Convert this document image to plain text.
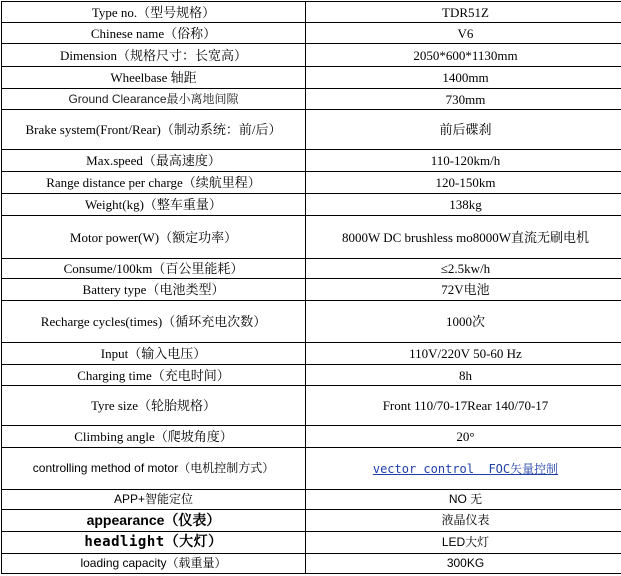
Type no.（型号规格）	TDR51Z
Chinese name（俗称）	V6
Dimension（规格尺寸：长宽高）	2050*600*1130mm
Wheelbase 轴距	1400mm
Ground Clearance最小离地间隙	730mm
Brake system(Front/Rear)（制动系统：前/后）	前后碟刹
Max.speed（最高速度）	110-120km/h
Range distance per charge（续航里程）	120-150km
Weight(kg)（整车重量）	138kg
Motor power(W)（额定功率）	8000W DC brushless mo8000W直流无刷电机
Consume/100km（百公里能耗）	≤2.5kw/h
Battery type（电池类型）	72V电池
Recharge cycles(times)（循环充电次数）	1000次
Input（输入电压）	110V/220V 50-60 Hz
Charging time（充电时间）	8h
Tyre size（轮胎规格）	Front 110/70-17Rear 140/70-17
Climbing angle（爬坡角度）	20°
controlling method of motor（电机控制方式）	vector control  FOC矢量控制
APP+智能定位	NO 无
appearance（仪表）	液晶仪表
headlight（大灯）	LED大灯
loading capacity（载重量）	300KG
